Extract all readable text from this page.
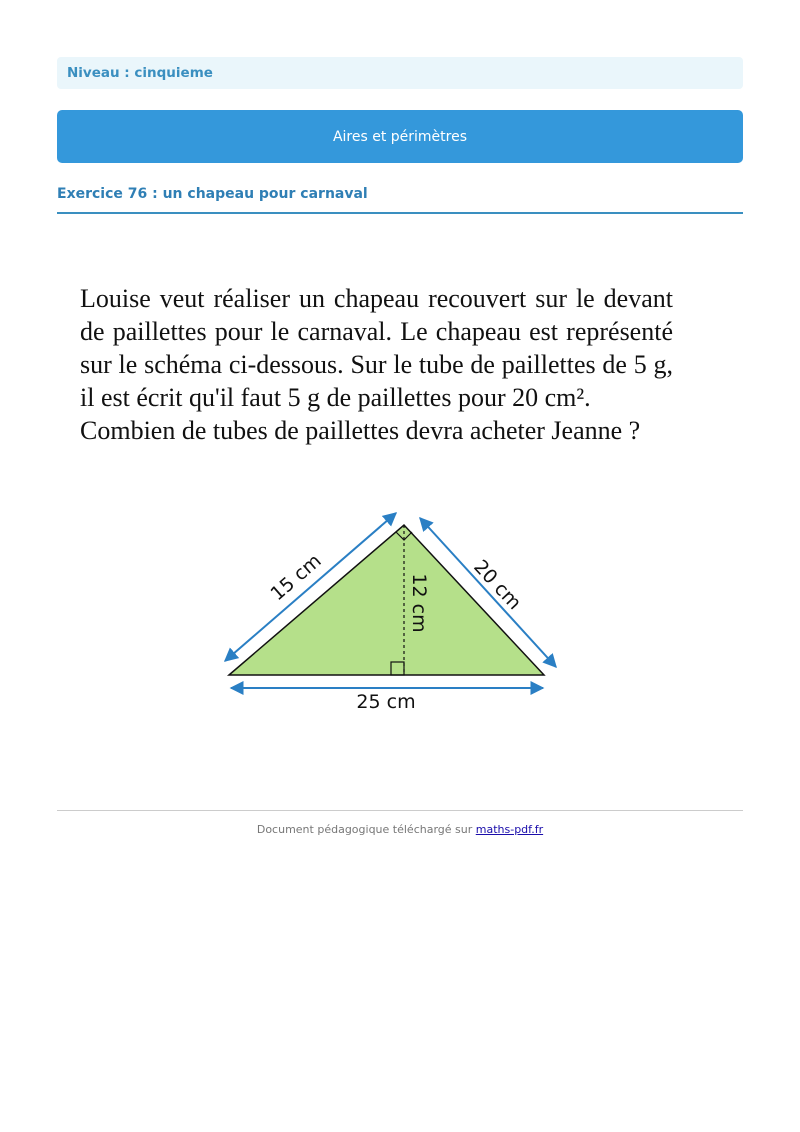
Niveau : cinquieme
Aires et périmètres
Exercice 76 : un chapeau pour carnaval
Louise veut réaliser un chapeau recouvert sur le devant de paillettes pour le carnaval. Le chapeau est représenté sur le schéma ci-dessous. Sur le tube de paillettes de 5 g, il est écrit qu'il faut 5 g de paillettes pour 20 cm².
Combien de tubes de paillettes devra acheter Jeanne ?
15 cm	20 cm
12 cm
25 cm
Document pédagogique téléchargé sur maths-pdf.fr
